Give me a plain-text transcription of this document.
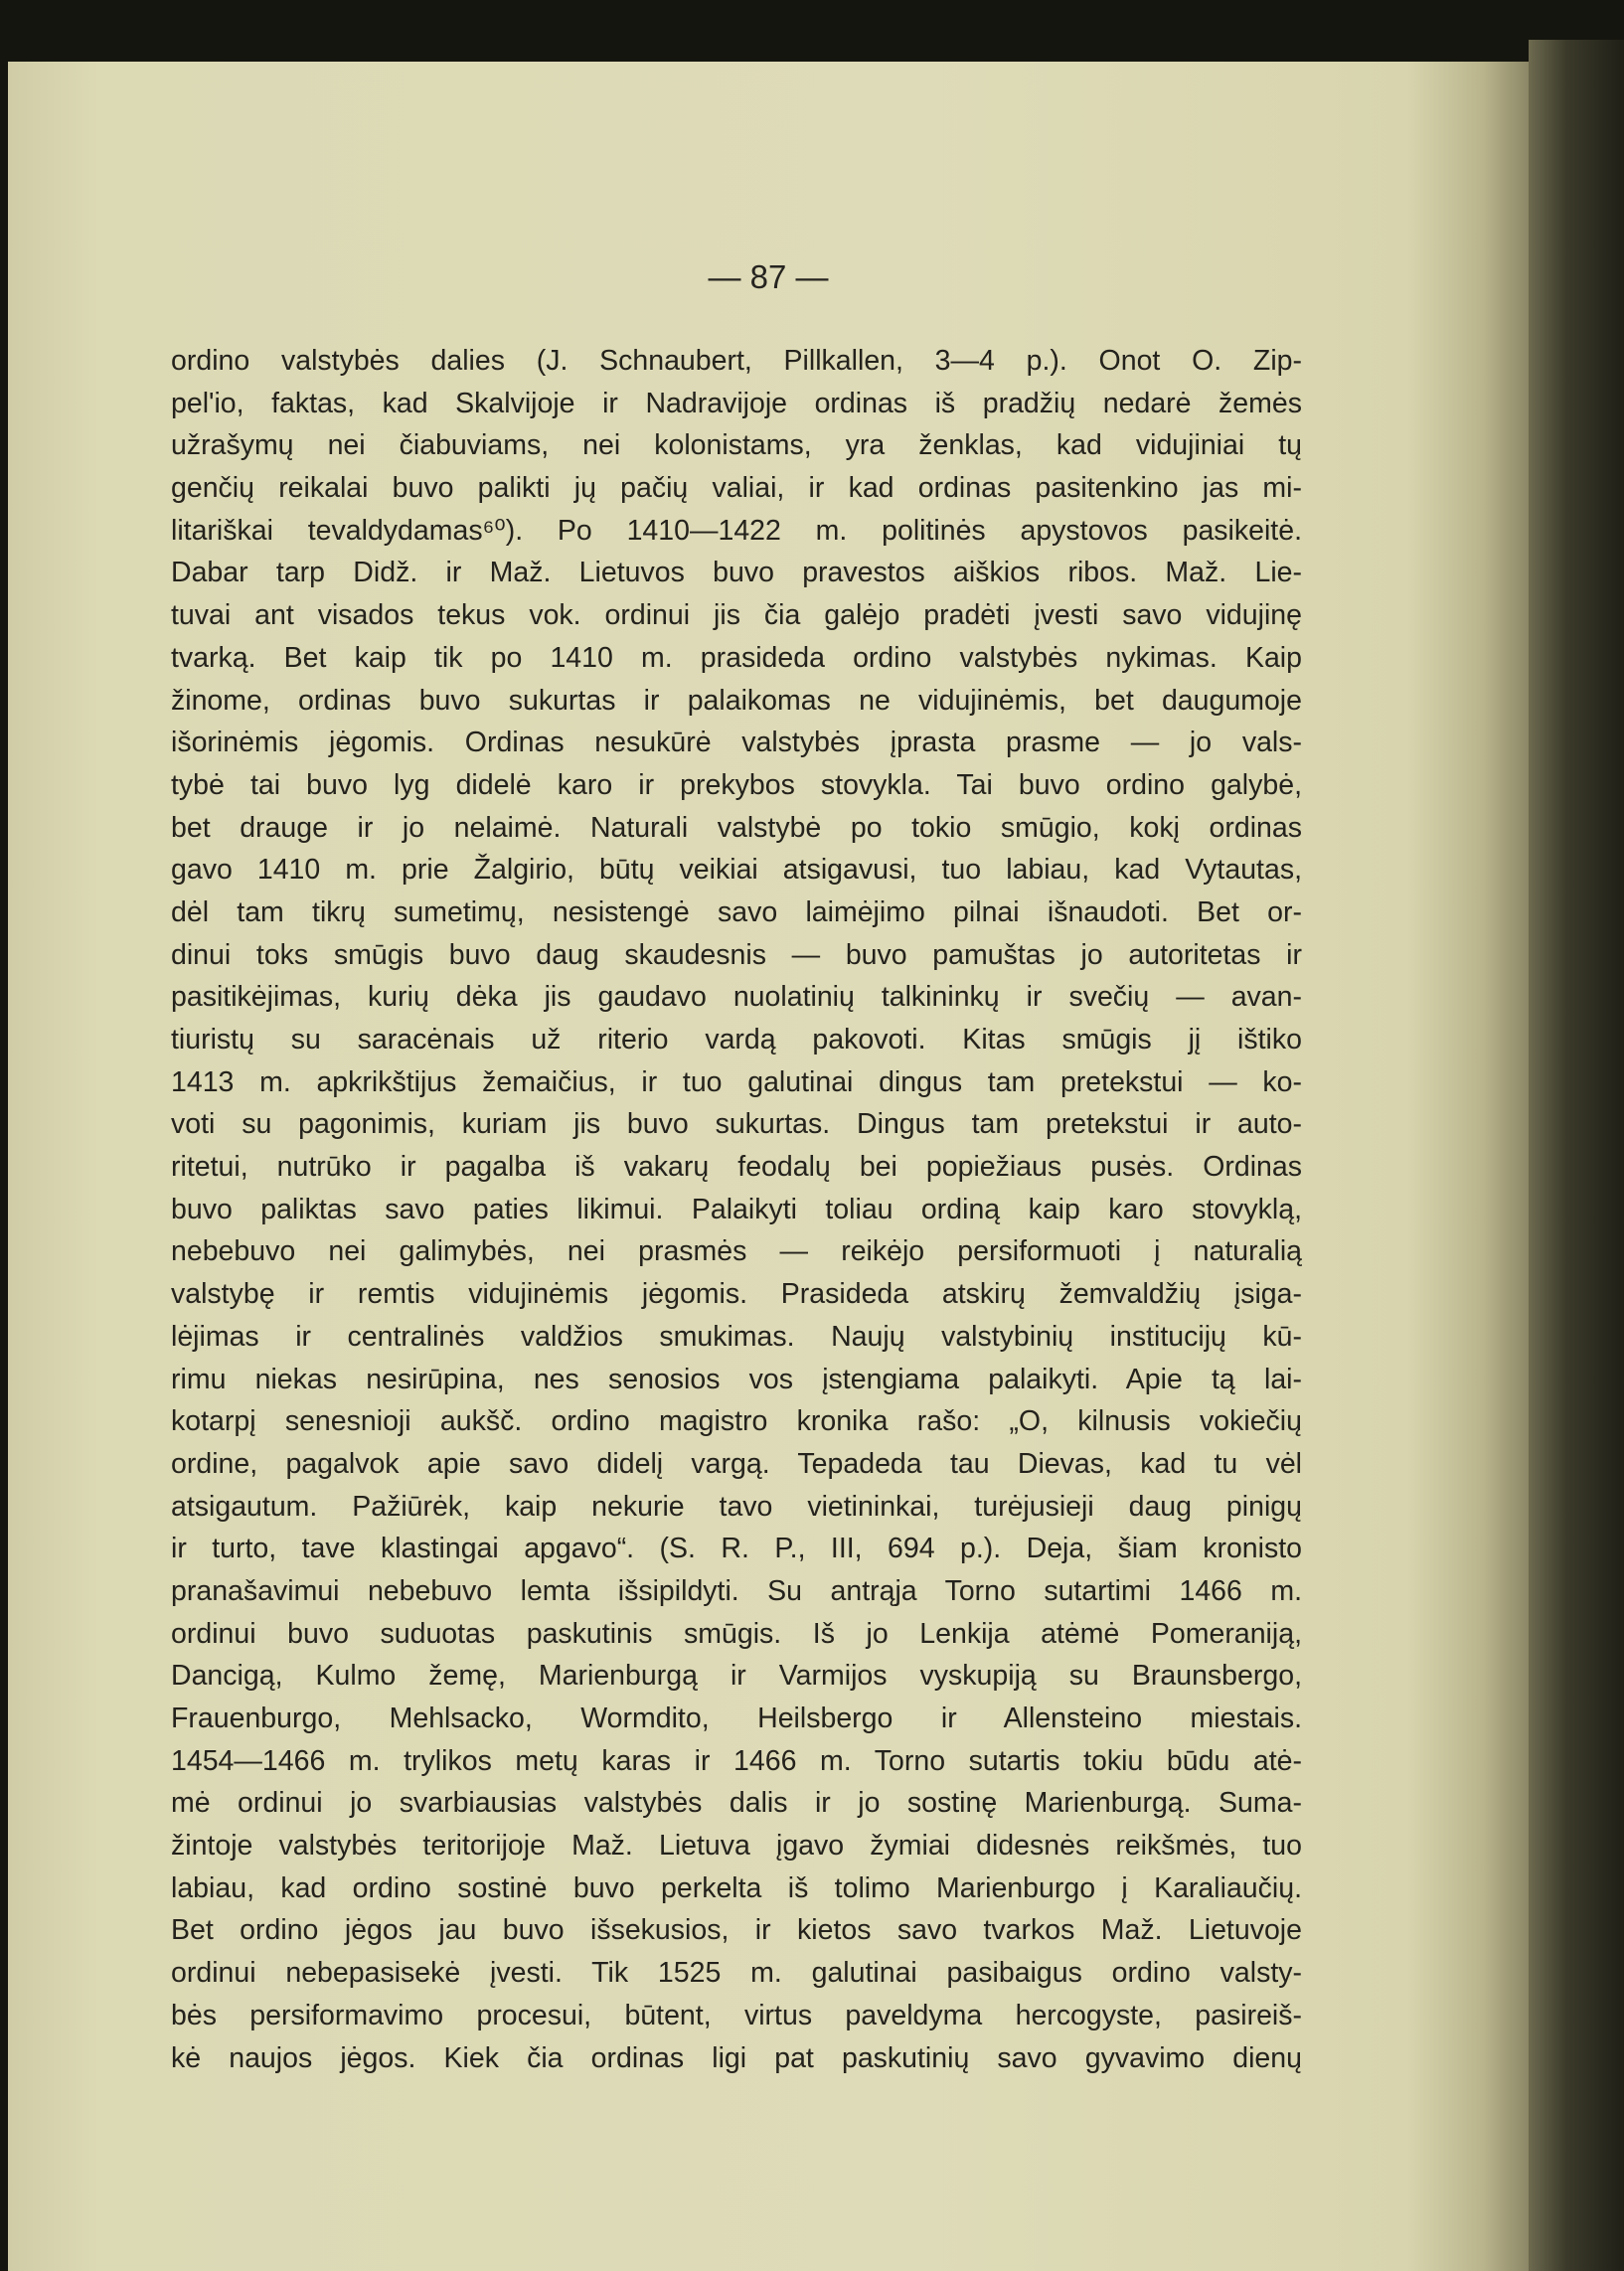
— 87 —
ordino valstybės dalies (J. Schnaubert, Pillkallen, 3—4 p.). Onot O. Zip-
pel'io, faktas, kad Skalvijoje ir Nadravijoje ordinas iš pradžių nedarė žemės
užrašymų nei čiabuviams, nei kolonistams, yra ženklas, kad vidujiniai tų
genčių reikalai buvo palikti jų pačių valiai, ir kad ordinas pasitenkino jas mi-
litariškai tevaldydamas⁶⁰). Po 1410—1422 m. politinės apystovos pasikeitė.
Dabar tarp Didž. ir Maž. Lietuvos buvo pravestos aiškios ribos. Maž. Lie-
tuvai ant visados tekus vok. ordinui jis čia galėjo pradėti įvesti savo vidujinę
tvarką. Bet kaip tik po 1410 m. prasideda ordino valstybės nykimas. Kaip
žinome, ordinas buvo sukurtas ir palaikomas ne vidujinėmis, bet daugumoje
išorinėmis jėgomis. Ordinas nesukūrė valstybės įprasta prasme — jo vals-
tybė tai buvo lyg didelė karo ir prekybos stovykla. Tai buvo ordino galybė,
bet drauge ir jo nelaimė. Naturali valstybė po tokio smūgio, kokį ordinas
gavo 1410 m. prie Žalgirio, būtų veikiai atsigavusi, tuo labiau, kad Vytautas,
dėl tam tikrų sumetimų, nesistengė savo laimėjimo pilnai išnaudoti. Bet or-
dinui toks smūgis buvo daug skaudesnis — buvo pamuštas jo autoritetas ir
pasitikėjimas, kurių dėka jis gaudavo nuolatinių talkininkų ir svečių — avan-
tiuristų su saracėnais už riterio vardą pakovoti. Kitas smūgis jį ištiko
1413 m. apkrikštijus žemaičius, ir tuo galutinai dingus tam pretekstui — ko-
voti su pagonimis, kuriam jis buvo sukurtas. Dingus tam pretekstui ir auto-
ritetui, nutrūko ir pagalba iš vakarų feodalų bei popiežiaus pusės. Ordinas
buvo paliktas savo paties likimui. Palaikyti toliau ordiną kaip karo stovyklą,
nebebuvo nei galimybės, nei prasmės — reikėjo persiformuoti į naturalią
valstybę ir remtis vidujinėmis jėgomis. Prasideda atskirų žemvaldžių įsiga-
lėjimas ir centralinės valdžios smukimas. Naujų valstybinių institucijų kū-
rimu niekas nesirūpina, nes senosios vos įstengiama palaikyti. Apie tą lai-
kotarpį senesnioji aukšč. ordino magistro kronika rašo: „O, kilnusis vokiečių
ordine, pagalvok apie savo didelį vargą. Tepadeda tau Dievas, kad tu vėl
atsigautum. Pažiūrėk, kaip nekurie tavo vietininkai, turėjusieji daug pinigų
ir turto, tave klastingai apgavo“. (S. R. P., III, 694 p.). Deja, šiam kronisto
pranašavimui nebebuvo lemta išsipildyti. Su antrąja Torno sutartimi 1466 m.
ordinui buvo suduotas paskutinis smūgis. Iš jo Lenkija atėmė Pomeraniją,
Dancigą, Kulmo žemę, Marienburgą ir Varmijos vyskupiją su Braunsbergo,
Frauenburgo, Mehlsacko, Wormdito, Heilsbergo ir Allensteino miestais.
1454—1466 m. trylikos metų karas ir 1466 m. Torno sutartis tokiu būdu atė-
mė ordinui jo svarbiausias valstybės dalis ir jo sostinę Marienburgą. Suma-
žintoje valstybės teritorijoje Maž. Lietuva įgavo žymiai didesnės reikšmės, tuo
labiau, kad ordino sostinė buvo perkelta iš tolimo Marienburgo į Karaliaučių.
Bet ordino jėgos jau buvo išsekusios, ir kietos savo tvarkos Maž. Lietuvoje
ordinui nebepasisekė įvesti. Tik 1525 m. galutinai pasibaigus ordino valsty-
bės persiformavimo procesui, būtent, virtus paveldyma hercogyste, pasireiš-
kė naujos jėgos. Kiek čia ordinas ligi pat paskutinių savo gyvavimo dienų
